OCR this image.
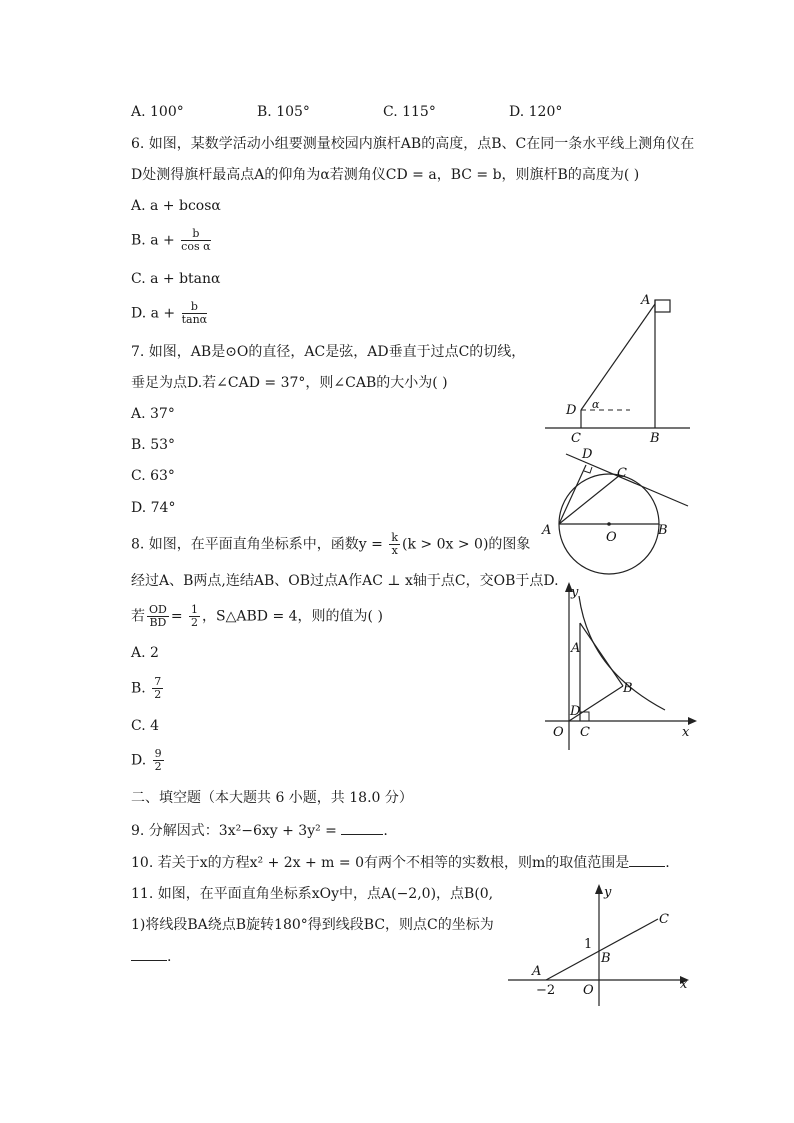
A. 100°	B. 105°	C. 115°	D. 120°
6. 如图，某数学活动小组要测量校园内旗杆AB的高度，点B、C在同一条水平线上测角仪在
D处测得旗杆最高点A的仰角为α若测角仪CD = a，BC = b，则旗杆B的高度为( )
A. a + bcosα
B. $a + \frac{b}{\text{cos α}}$
C. a + btanα
D. $a + \frac{b}{\tan\alpha}$
7. 如图，AB是⊙O的直径，AC是弦，AD垂直于过点C的切线，
垂足为点D.若∠CAD = 37°，则∠CAB的大小为( )
A. 37°
B. 53°
C. 63°
D. 74°
8. 如图，在平面直角坐标系中，函数$y = \frac{k}{x} (k > 0x > 0)$的图象
经过A、B两点,连结AB、OB过点A作AC ⊥ x轴于点C，交OB于点D.
若 $\frac{OD}{BD} = \frac{1}{2}$ ，S△ABD = 4，则的值为( )
A. 2
B. $\frac{7}{2}$
C. 4
D. $\frac{9}{2}$
二、填空题（本大题共 6 小题，共 18.0 分）
9. 分解因式：3x²−6xy + 3y² =	.
10. 若关于x的方程x² + 2x + m = 0有两个不相等的实数根，则m的取值范围是	.
11. 如图，在平面直角坐标系xOy中，点A(−2,0)，点B(0,
1)将线段BA绕点B旋转180°得到线段BC，则点C的坐标为
.
A
B
C
D α
A	B
C
D
O
y
x
A
B
C
D
O
y
x
A
B
C
O
1
−2
